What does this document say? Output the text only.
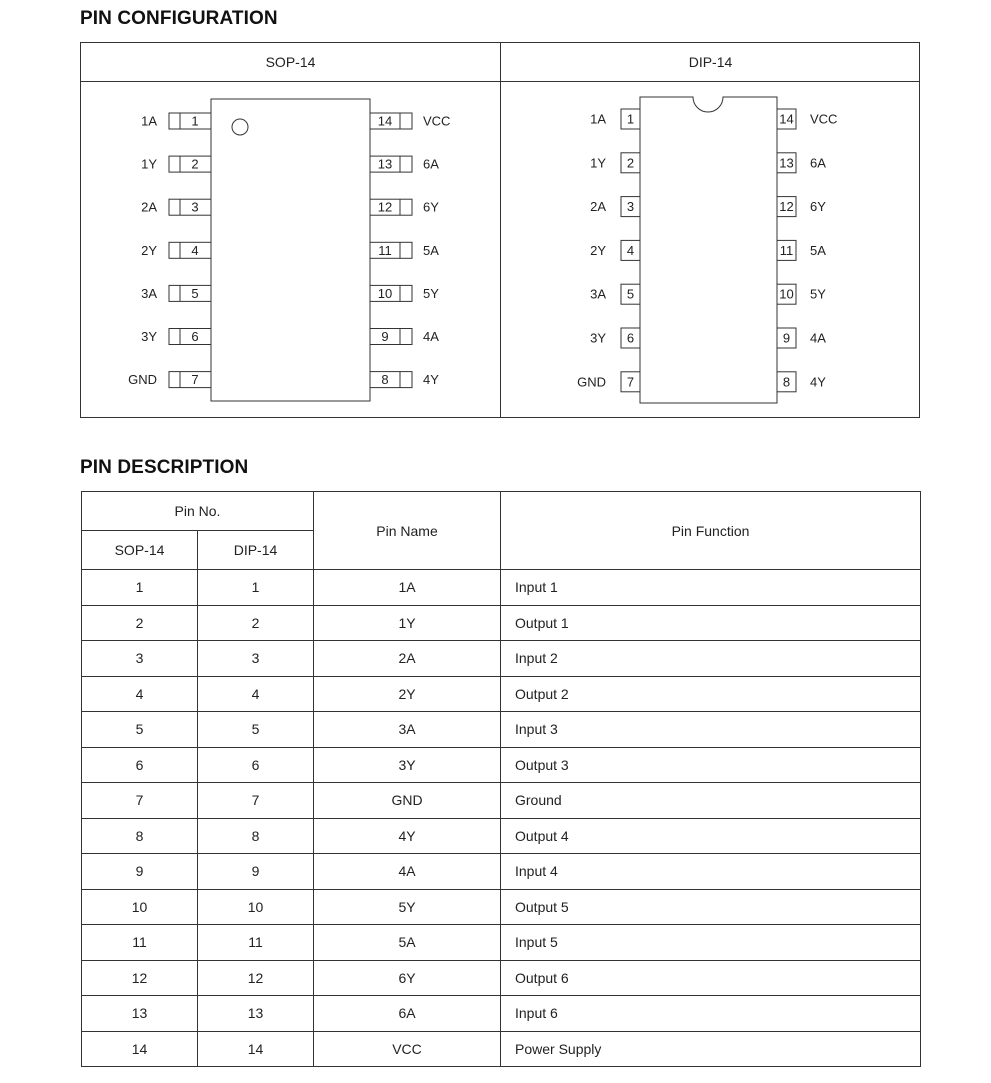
PIN CONFIGURATION
SOP-14	DIP-14
1
1A	14 VCC
2
1Y	13 6A
3
2A	12 6Y
4
2Y	11 5A
5
3A	10 5Y
6
3Y	9	4A
7
GND	8	4Y
1
1A	14 VCC
2
1Y	13 6A
3
2A	12 6Y
4
2Y	11 5A
5
3A	10 5Y
6
3Y	9 4A
7
GND	8 4Y
PIN DESCRIPTION
Pin No.		Pin Name	Pin Function
SOP-14	DIP-14		
1	1	1A	Input 1
2	2	1Y	Output 1
3	3	2A	Input 2
4	4	2Y	Output 2
5	5	3A	Input 3
6	6	3Y	Output 3
7	7	GND	Ground
8	8	4Y	Output 4
9	9	4A	Input 4
10	10	5Y	Output 5
11	11	5A	Input 5
12	12	6Y	Output 6
13	13	6A	Input 6
14	14	VCC	Power Supply
